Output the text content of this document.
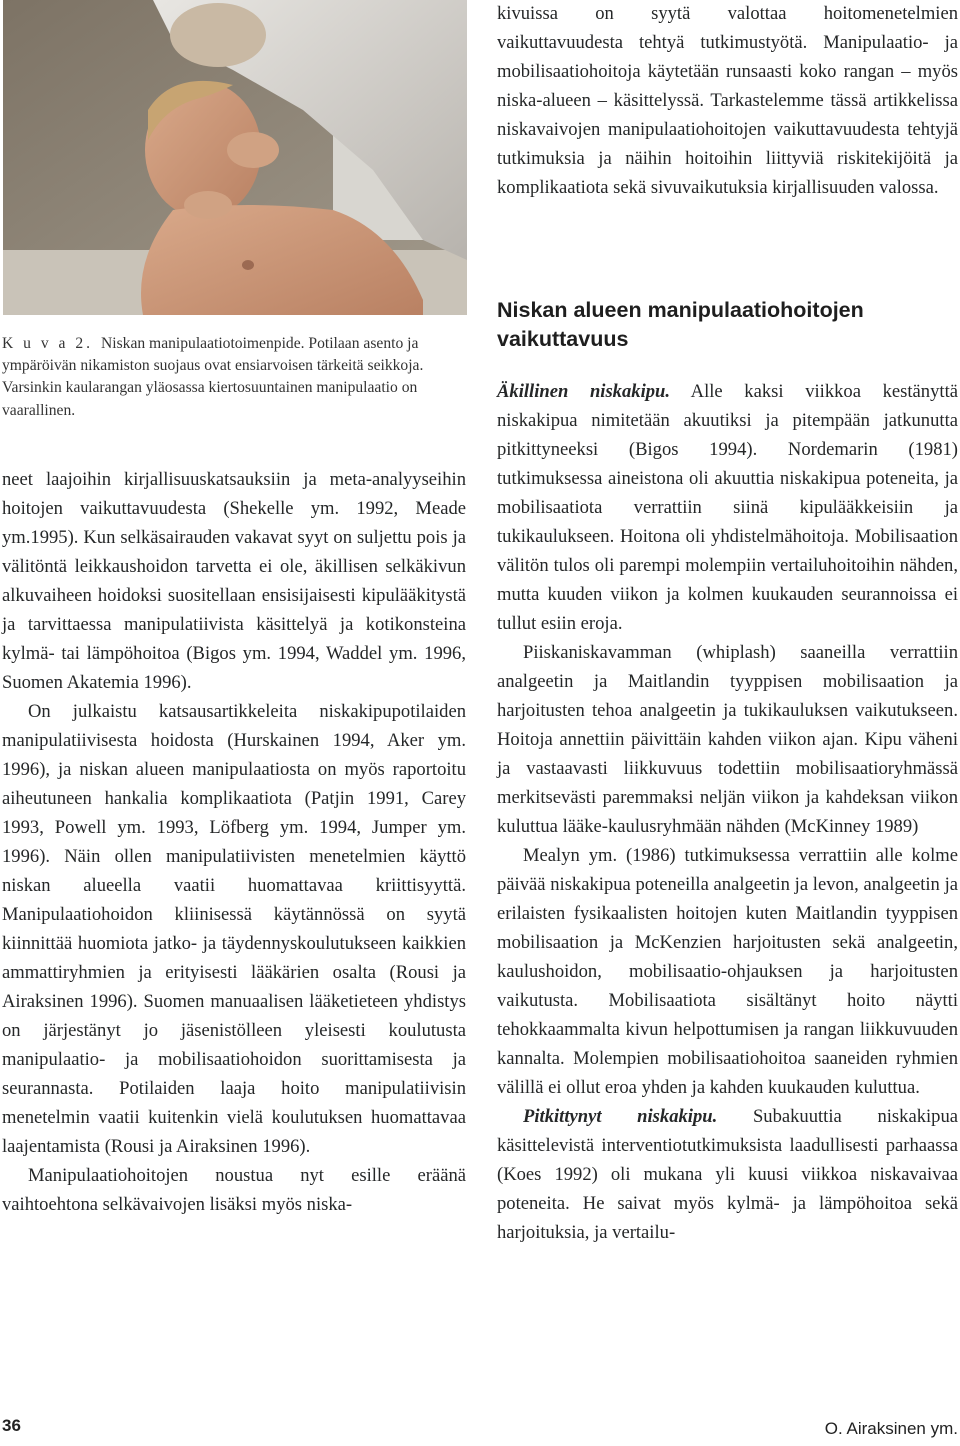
K u v a 2. Niskan manipulaatiotoimenpide. Potilaan asento ja ympäröivän nikamiston suojaus ovat ensiarvoisen tärkeitä seikkoja. Varsinkin kaularangan yläosassa kiertosuuntainen manipulaatio on vaarallinen.

neet laajoihin kirjallisuuskatsauksiin ja meta-analyyseihin hoitojen vaikuttavuudesta (Shekelle ym. 1992, Meade ym.1995). Kun selkäsairauden vakavat syyt on suljettu pois ja välitöntä leikkaushoidon tarvetta ei ole, äkillisen selkäkivun alkuvaiheen hoidoksi suositellaan ensisijaisesti kipulääkitystä ja tarvittaessa manipulatiivista käsittelyä ja kotikonsteina kylmä- tai lämpöhoitoa (Bigos ym. 1994, Waddel ym. 1996, Suomen Akatemia 1996).

On julkaistu katsausartikkeleita niskakipupotilaiden manipulatiivisesta hoidosta (Hurskainen 1994, Aker ym. 1996), ja niskan alueen manipulaatiosta on myös raportoitu aiheutuneen hankalia komplikaatiota (Patjin 1991, Carey 1993, Powell ym. 1993, Löfberg ym. 1994, Jumper ym. 1996). Näin ollen manipulatiivisten menetelmien käyttö niskan alueella vaatii huomattavaa kriittisyyttä. Manipulaatiohoidon kliinisessä käytännössä on syytä kiinnittää huomiota jatko- ja täydennyskoulutukseen kaikkien ammattiryhmien ja erityisesti lääkärien osalta (Rousi ja Airaksinen 1996). Suomen manuaalisen lääketieteen yhdistys on järjestänyt jo jäsenistölleen yleisesti koulutusta manipulaatio- ja mobilisaatiohoidon suorittamisesta ja seurannasta. Potilaiden laaja hoito manipulatiivisin menetelmin vaatii kuitenkin vielä koulutuksen huomattavaa laajentamista (Rousi ja Airaksinen 1996).

Manipulaatiohoitojen noustua nyt esille eräänä vaihtoehtona selkävaivojen lisäksi myös niska-

kivuissa on syytä valottaa hoitomenetelmien vaikuttavuudesta tehtyä tutkimustyötä. Manipulaatio- ja mobilisaatiohoitoja käytetään runsaasti koko rangan – myös niska-alueen – käsittelyssä. Tarkastelemme tässä artikkelissa niskavaivojen manipulaatiohoitojen vaikuttavuudesta tehtyjä tutkimuksia ja näihin hoitoihin liittyviä riskitekijöitä ja komplikaatiota sekä sivuvaikutuksia kirjallisuuden valossa.

Niskan alueen manipulaatiohoitojen vaikuttavuus

Äkillinen niskakipu. Alle kaksi viikkoa kestänyttä niskakipua nimitetään akuutiksi ja pitempään jatkunutta pitkittyneeksi (Bigos 1994). Nordemarin (1981) tutkimuksessa aineistona oli akuuttia niskakipua poteneita, ja mobilisaatiota verrattiin siinä kipulääkkeisiin ja tukikaulukseen. Hoitona oli yhdistelmähoitoja. Mobilisaation välitön tulos oli parempi molempiin vertailuhoitoihin nähden, mutta kuuden viikon ja kolmen kuukauden seurannoissa ei tullut esiin eroja.

Piiskaniskavamman (whiplash) saaneilla verrattiin analgeetin ja Maitlandin tyyppisen mobilisaation ja harjoitusten tehoa analgeetin ja tukikauluksen vaikutukseen. Hoitoja annettiin päivittäin kahden viikon ajan. Kipu väheni ja vastaavasti liikkuvuus todettiin mobilisaatioryhmässä merkitsevästi paremmaksi neljän viikon ja kahdeksan viikon kuluttua lääke-kaulusryhmään nähden (McKinney 1989)

Mealyn ym. (1986) tutkimuksessa verrattiin alle kolme päivää niskakipua poteneilla analgeetin ja levon, analgeetin ja erilaisten fysikaalisten hoitojen kuten Maitlandin tyyppisen mobilisaation ja McKenzien harjoitusten sekä analgeetin, kaulushoidon, mobilisaatio-ohjauksen ja harjoitusten vaikutusta. Mobilisaatiota sisältänyt hoito näytti tehokkaammalta kivun helpottumisen ja rangan liikkuvuuden kannalta. Molempien mobilisaatiohoitoa saaneiden ryhmien välillä ei ollut eroa yhden ja kahden kuukauden kuluttua.

Pitkittynyt niskakipu. Subakuuttia niskakipua käsittelevistä interventiotutkimuksista laadullisesti parhaassa (Koes 1992) oli mukana yli kuusi viikkoa niskavaivaa poteneita. He saivat myös kylmä- ja lämpöhoitoa sekä harjoituksia, ja vertailu-

36	O. Airaksinen ym.
